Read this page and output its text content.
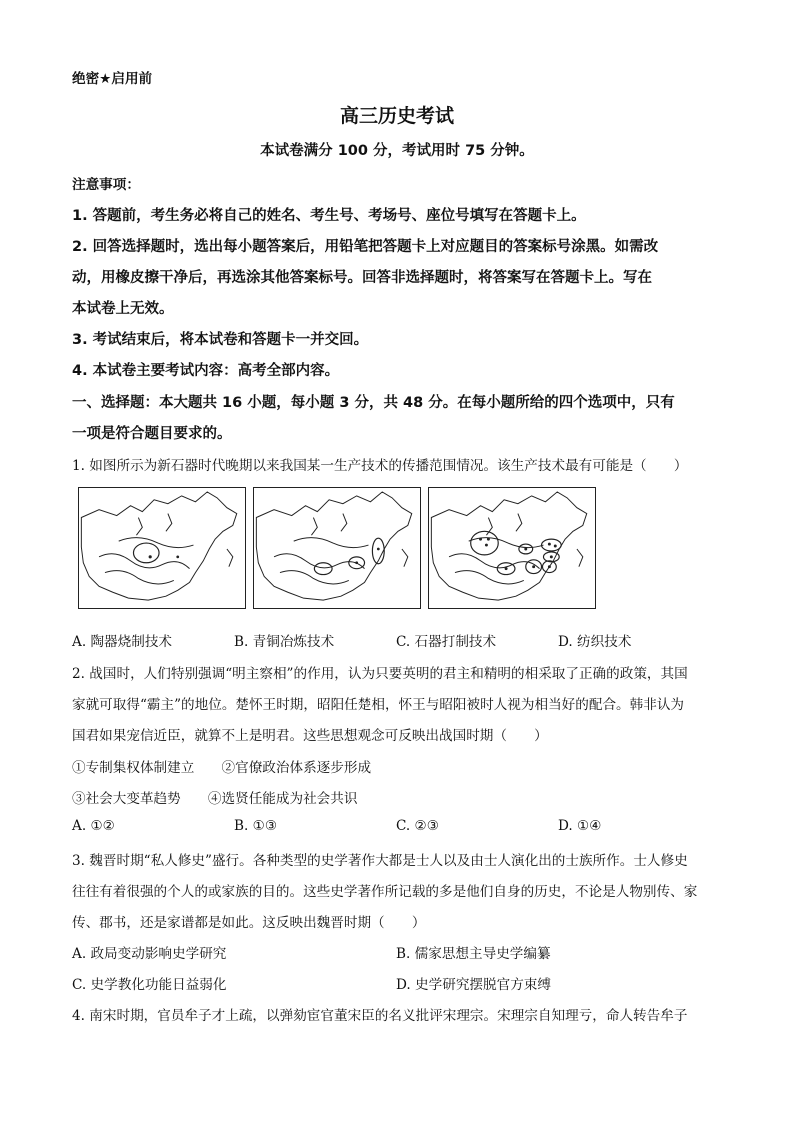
绝密★启用前
高三历史考试
本试卷满分 100 分，考试用时 75 分钟。
注意事项：
1. 答题前，考生务必将自己的姓名、考生号、考场号、座位号填写在答题卡上。
2. 回答选择题时，选出每小题答案后，用铅笔把答题卡上对应题目的答案标号涂黑。如需改
动，用橡皮擦干净后，再选涂其他答案标号。回答非选择题时，将答案写在答题卡上。写在
本试卷上无效。
3. 考试结束后，将本试卷和答题卡一并交回。
4. 本试卷主要考试内容：高考全部内容。
一、选择题：本大题共 16 小题，每小题 3 分，共 48 分。在每小题所给的四个选项中，只有
一项是符合题目要求的。
1. 如图所示为新石器时代晚期以来我国某一生产技术的传播范围情况。该生产技术最有可能是（　　）
A. 陶器烧制技术	B. 青铜冶炼技术	C. 石器打制技术	D. 纺织技术
2. 战国时，人们特别强调“明主察相”的作用，认为只要英明的君主和精明的相采取了正确的政策，其国
家就可取得“霸主”的地位。楚怀王时期，昭阳任楚相，怀王与昭阳被时人视为相当好的配合。韩非认为
国君如果宠信近臣，就算不上是明君。这些思想观念可反映出战国时期（　　）
①专制集权体制建立　　②官僚政治体系逐步形成
③社会大变革趋势　　④选贤任能成为社会共识
A. ①②	B. ①③	C. ②③	D. ①④
3. 魏晋时期“私人修史”盛行。各种类型的史学著作大都是士人以及由士人演化出的士族所作。士人修史
往往有着很强的个人的或家族的目的。这些史学著作所记载的多是他们自身的历史，不论是人物别传、家
传、郡书，还是家谱都是如此。这反映出魏晋时期（　　）
A. 政局变动影响史学研究	B. 儒家思想主导史学编纂
C. 史学教化功能日益弱化	D. 史学研究摆脱官方束缚
4. 南宋时期，官员牟子才上疏，以弹劾宦官董宋臣的名义批评宋理宗。宋理宗自知理亏，命人转告牟子
